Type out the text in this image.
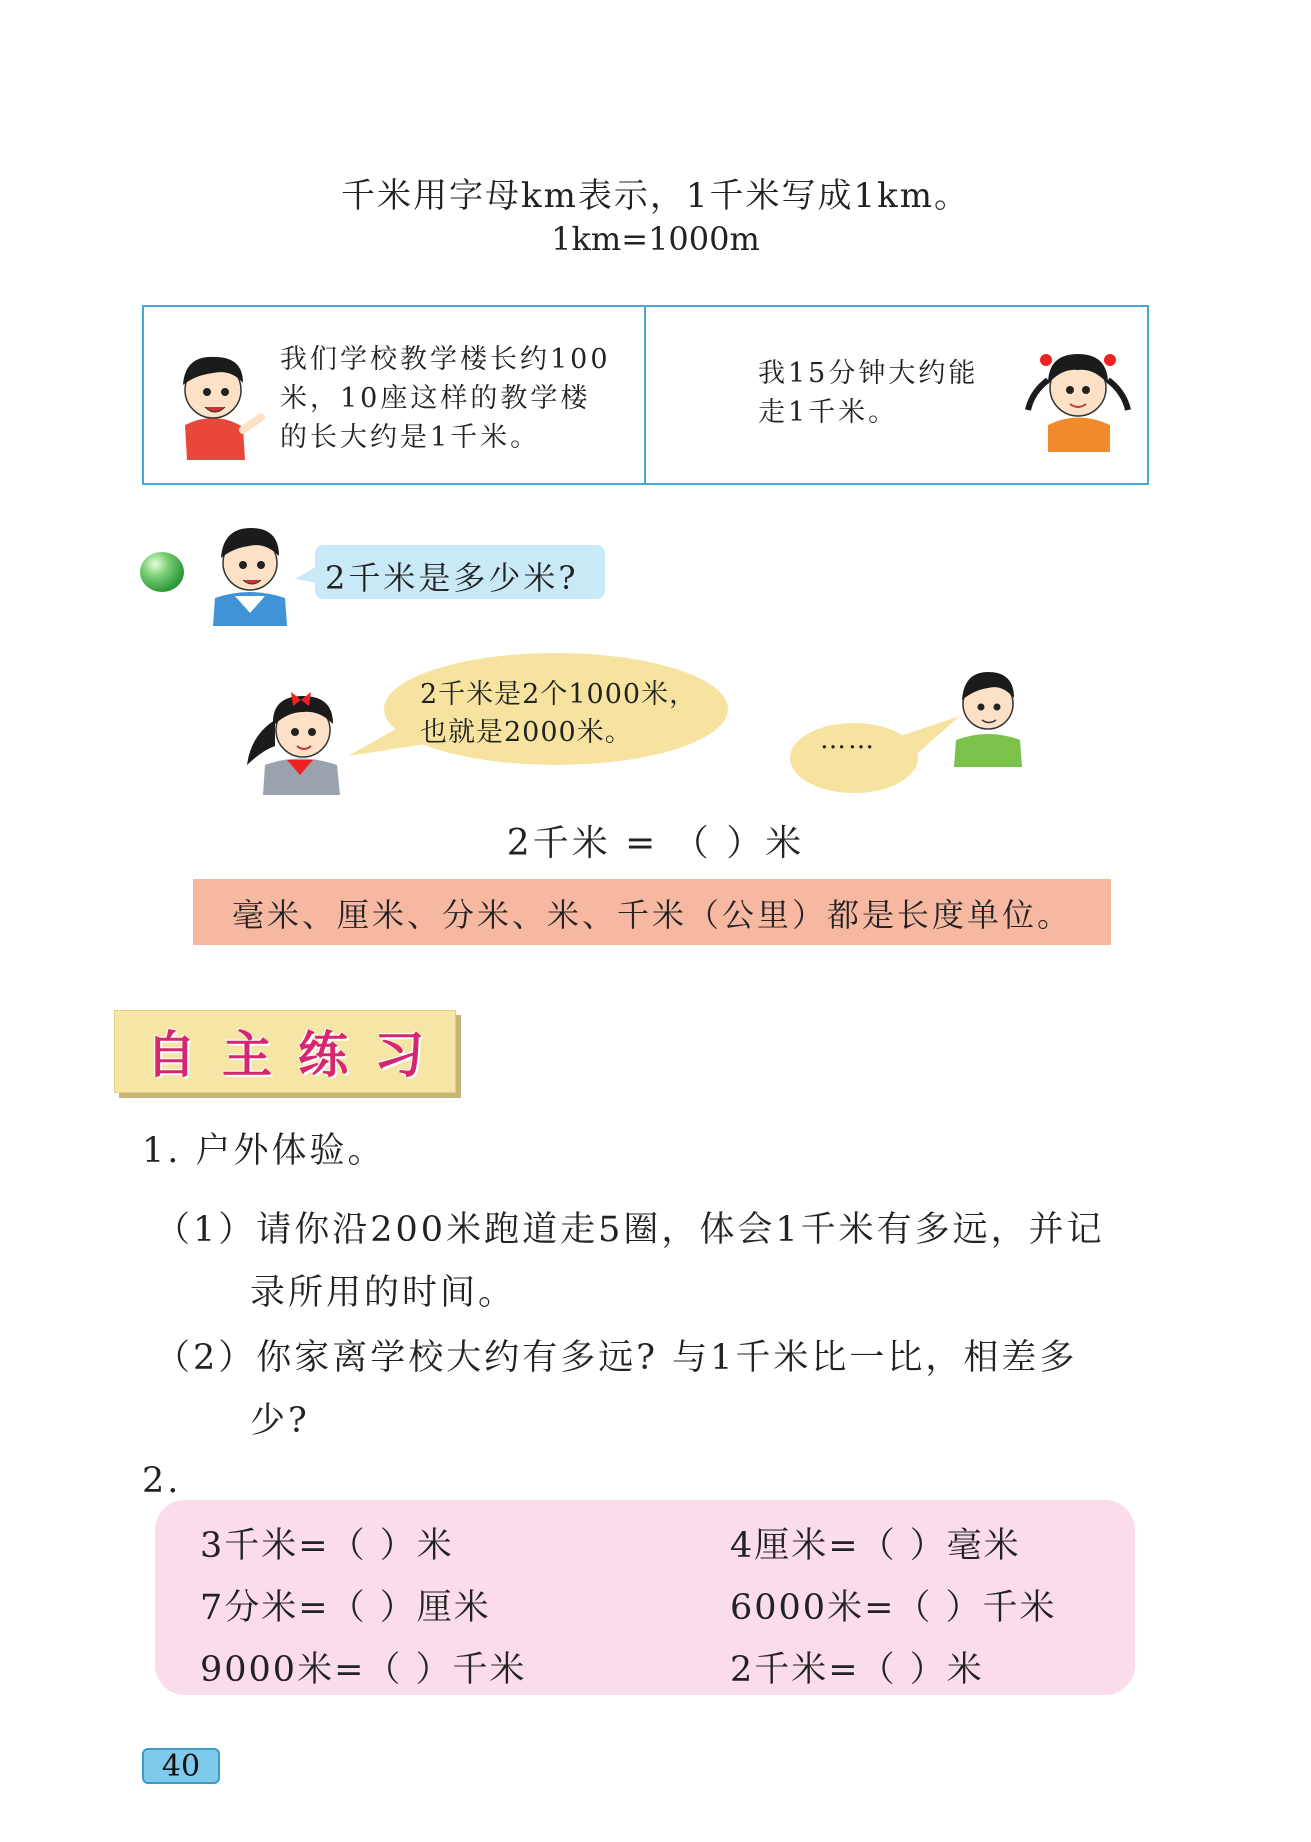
千米用字母km表示，1千米写成1km。
1km=1000m
我们学校教学楼长约100米，10座这样的教学楼的长大约是1千米。
我15分钟大约能走1千米。
2千米是多少米?
2千米是2个1000米，也就是2000米。	……
2千米 = （ ）米
毫米、厘米、分米、米、千米（公里）都是长度单位。
自主练习
1. 户外体验。
（1）请你沿200米跑道走5圈，体会1千米有多远，并记
录所用的时间。
（2）你家离学校大约有多远? 与1千米比一比，相差多
少?
2.
3千米=（ ）米
7分米=（ ）厘米
9000米=（ ）千米
4厘米=（ ）毫米
6000米=（ ）千米
2千米=（ ）米
40
